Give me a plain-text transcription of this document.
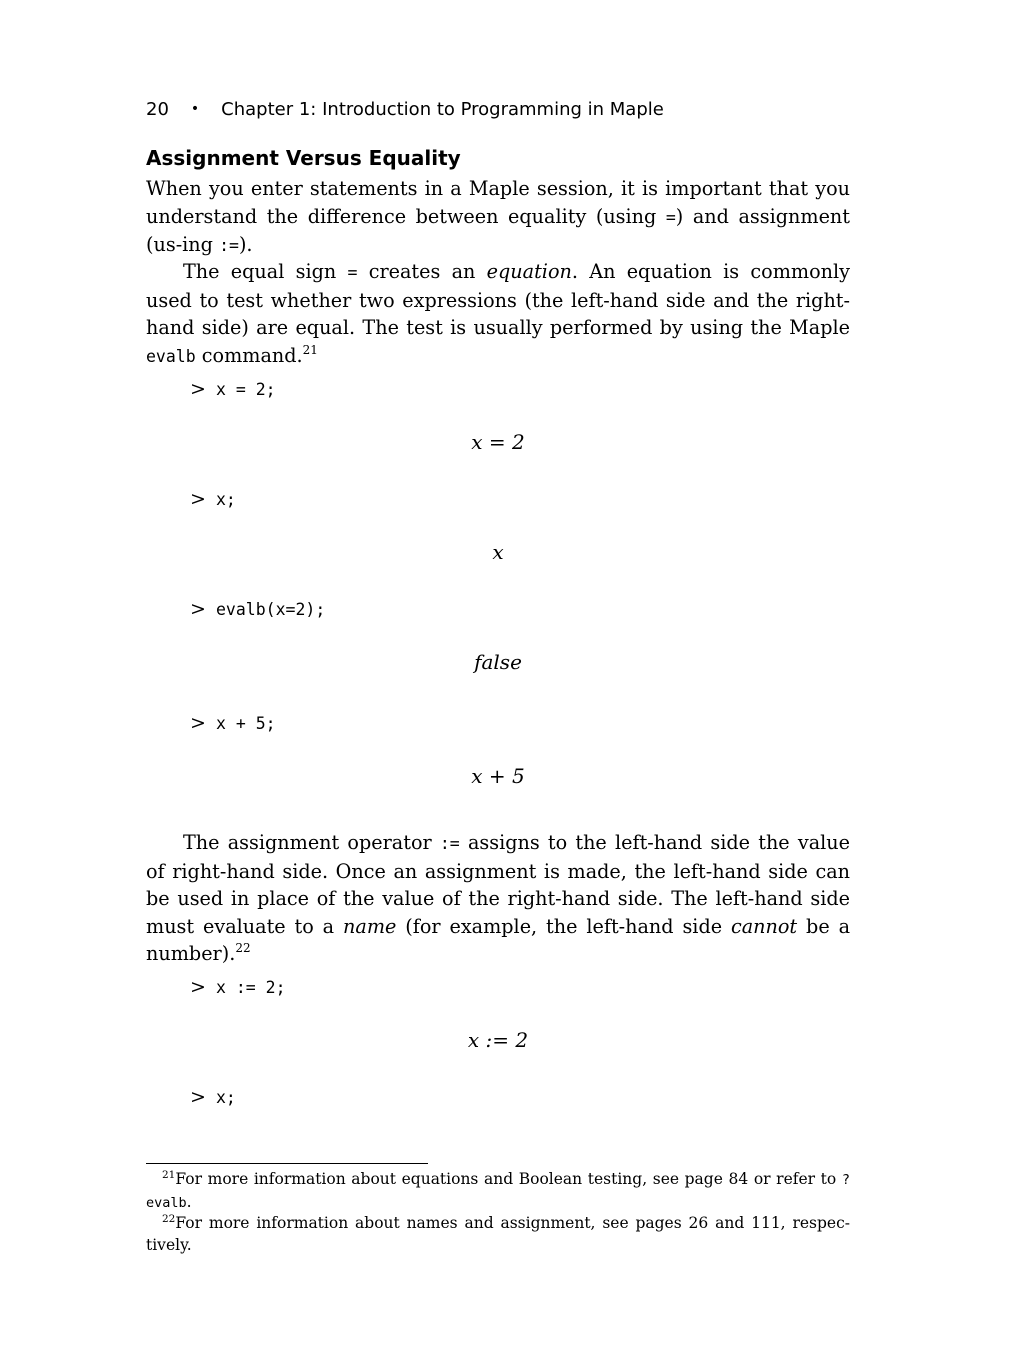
20 • Chapter 1: Introduction to Programming in Maple
Assignment Versus Equality
When you enter statements in a Maple session, it is important that you understand the difference between equality (using =) and assignment (us-ing :=).
The equal sign = creates an equation. An equation is commonly used to test whether two expressions (the left-hand side and the right-hand side) are equal. The test is usually performed by using the Maple evalb command.$^{21}$
> x = 2;
x = 2
> x;
x
> evalb(x=2);
false
> x + 5;
x + 5
The assignment operator := assigns to the left-hand side the value of right-hand side. Once an assignment is made, the left-hand side can be used in place of the value of the right-hand side. The left-hand side must evaluate to a name (for example, the left-hand side cannot be a number).$^{22}$
> x := 2;
x := 2
> x;
$^{21}$For more information about equations and Boolean testing, see page 84 or refer to ?evalb.
$^{22}$For more information about names and assignment, see pages 26 and 111, respec-tively.
